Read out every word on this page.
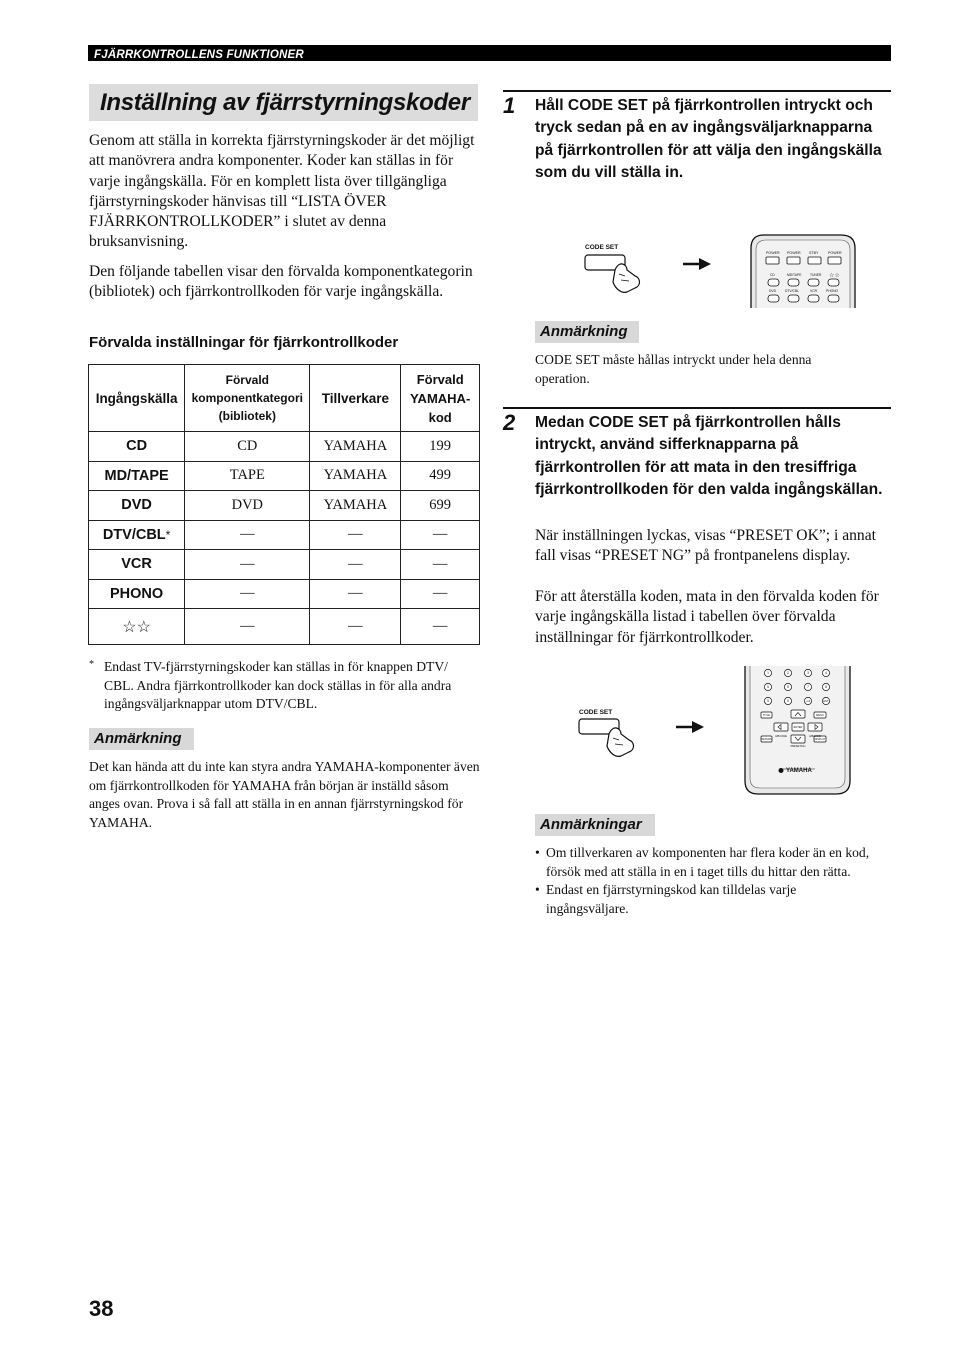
FJÄRRKONTROLLENS FUNKTIONER
Inställning av fjärrstyrningskoder
Genom att ställa in korrekta fjärrstyrningskoder är det möjligt att manövrera andra komponenter. Koder kan ställas in för varje ingångskälla. För en komplett lista över tillgängliga fjärrstyrningskoder hänvisas till “LISTA ÖVER FJÄRRKONTROLLKODER” i slutet av denna bruksanvisning.
Den följande tabellen visar den förvalda komponentkategorin (bibliotek) och fjärrkontrollkoden för varje ingångskälla.
Förvalda inställningar för fjärrkontrollkoder
Ingångskälla	Förvald komponentkategori (bibliotek)	Tillverkare	Förvald YAMAHA-kod
CD	CD	YAMAHA	199
MD/TAPE	TAPE	YAMAHA	499
DVD	DVD	YAMAHA	699
DTV/CBL*	—	—	—
VCR	—	—	—
PHONO	—	—	—
☆☆	—	—	—
* Endast TV-fjärrstyrningskoder kan ställas in för knappen DTV/ CBL. Andra fjärrkontrollkoder kan dock ställas in för alla andra ingångsväljarknappar utom DTV/CBL.
Anmärkning
Det kan hända att du inte kan styra andra YAMAHA-komponenter även om fjärrkontrollkoden för YAMAHA från början är inställd såsom anges ovan. Prova i så fall att ställa in en annan fjärrstyrningskod för YAMAHA.
1 Håll CODE SET på fjärrkontrollen intryckt och tryck sedan på en av ingångsväljarknapparna på fjärrkontrollen för att välja den ingångskälla som du vill ställa in.
CODE SET
POWER POWER STBY	POWER
CD	MD/TAPE	TUNER ☆☆
DVD	DTV/CBL	VCR	PHONO
Anmärkning
CODE SET måste hållas intryckt under hela denna operation.
2 Medan CODE SET på fjärrkontrollen hålls intryckt, använd sifferknapparna på fjärrkontrollen för att mata in den tresiffriga fjärrkontrollkoden för den valda ingångskällan.
När inställningen lyckas, visas “PRESET OK”; i annat fall visas “PRESET NG” på frontpanelens display.
För att återställa koden, mata in den förvalda koden för varje ingångskälla listad i tabellen över förvalda inställningar för fjärrkontrollkoder.
CODE SET
1	2	3	4
5	6	7	8
9	0	+10	ENT
TITLE	MENU
ENTER
RETURN	DISPLAY
A/B/C/D/E	A/B/C/D/E
PRESET/CH
YAMAHA
Anmärkningar
• Om tillverkaren av komponenten har flera koder än en kod, försök med att ställa in en i taget tills du hittar den rätta.
• Endast en fjärrstyrningskod kan tilldelas varje ingångsväljare.
38
